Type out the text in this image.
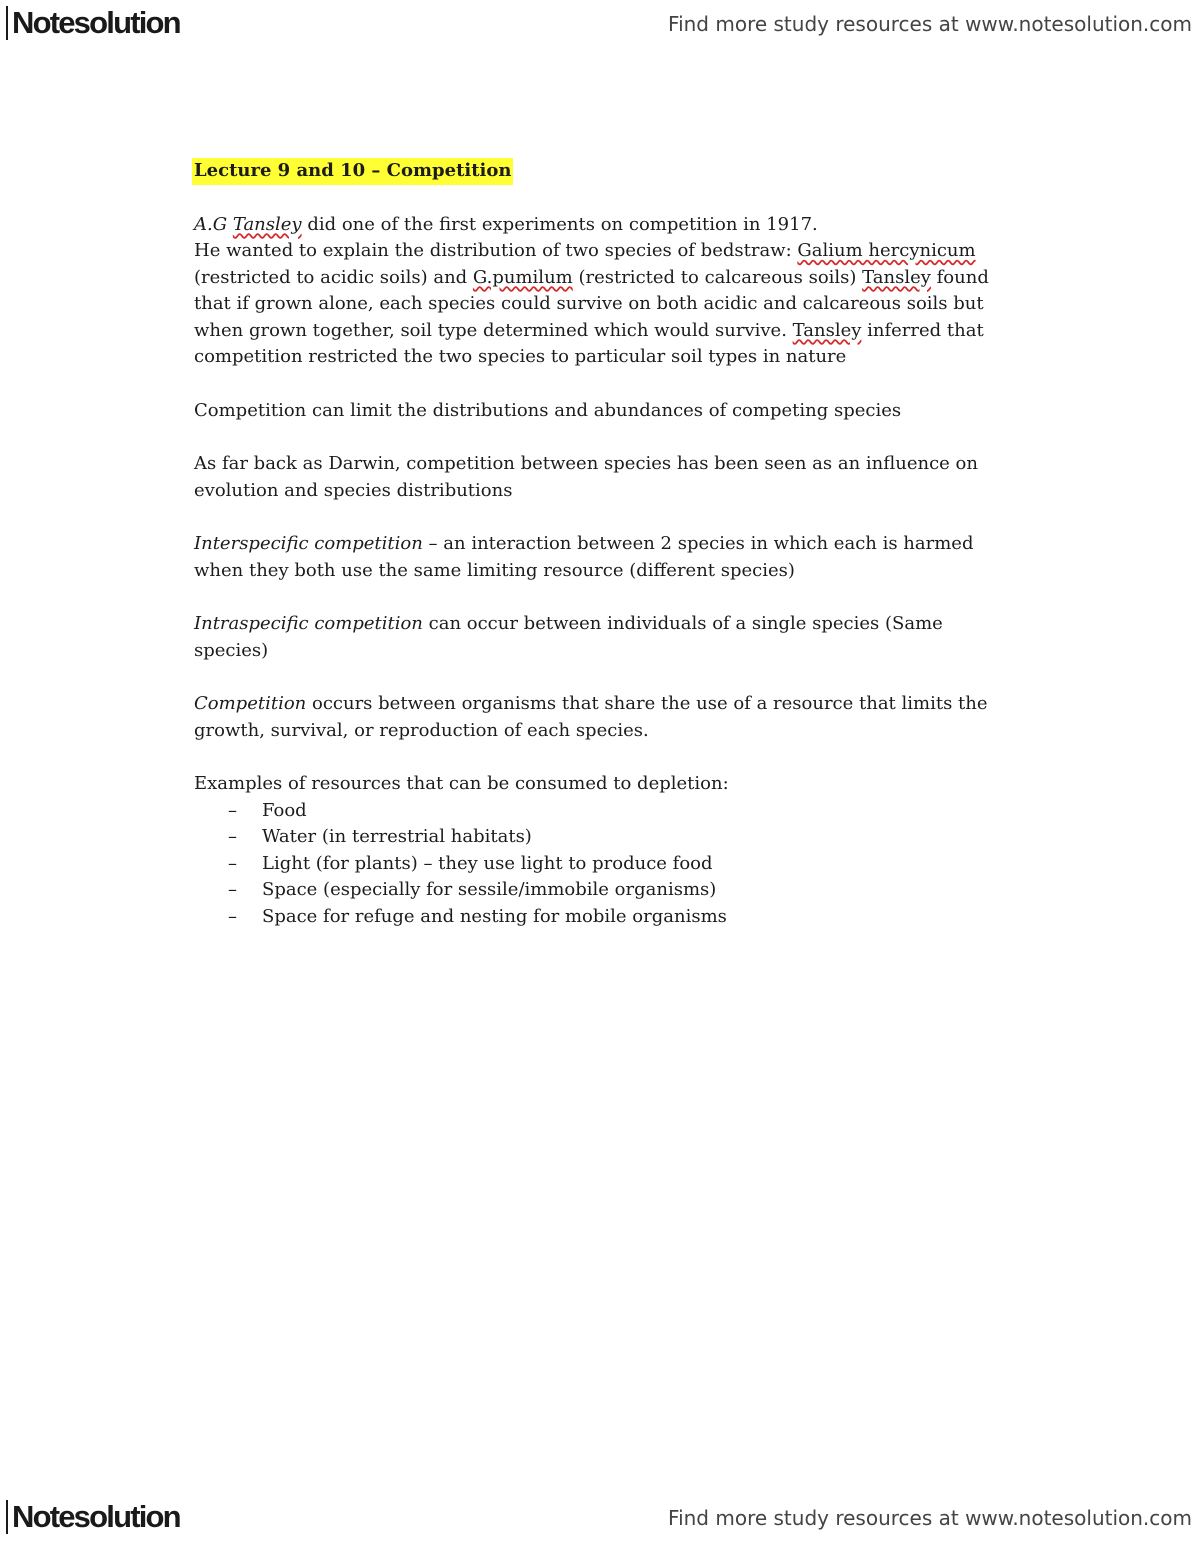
Notesolution	Find more study resources at www.notesolution.com
Lecture 9 and 10 – Competition

A.G Tansley did one of the first experiments on competition in 1917.
He wanted to explain the distribution of two species of bedstraw: Galium hercynicum (restricted to acidic soils) and G.pumilum (restricted to calcareous soils) Tansley found that if grown alone, each species could survive on both acidic and calcareous soils but when grown together, soil type determined which would survive. Tansley inferred that competition restricted the two species to particular soil types in nature

Competition can limit the distributions and abundances of competing species

As far back as Darwin, competition between species has been seen as an influence on evolution and species distributions

Interspecific competition – an interaction between 2 species in which each is harmed when they both use the same limiting resource (different species)

Intraspecific competition can occur between individuals of a single species (Same species)

Competition occurs between organisms that share the use of a resource that limits the growth, survival, or reproduction of each species.

Examples of resources that can be consumed to depletion:

– Food
– Water (in terrestrial habitats)
– Light (for plants) – they use light to produce food
– Space (especially for sessile/immobile organisms)
– Space for refuge and nesting for mobile organisms
Notesolution	Find more study resources at www.notesolution.com
